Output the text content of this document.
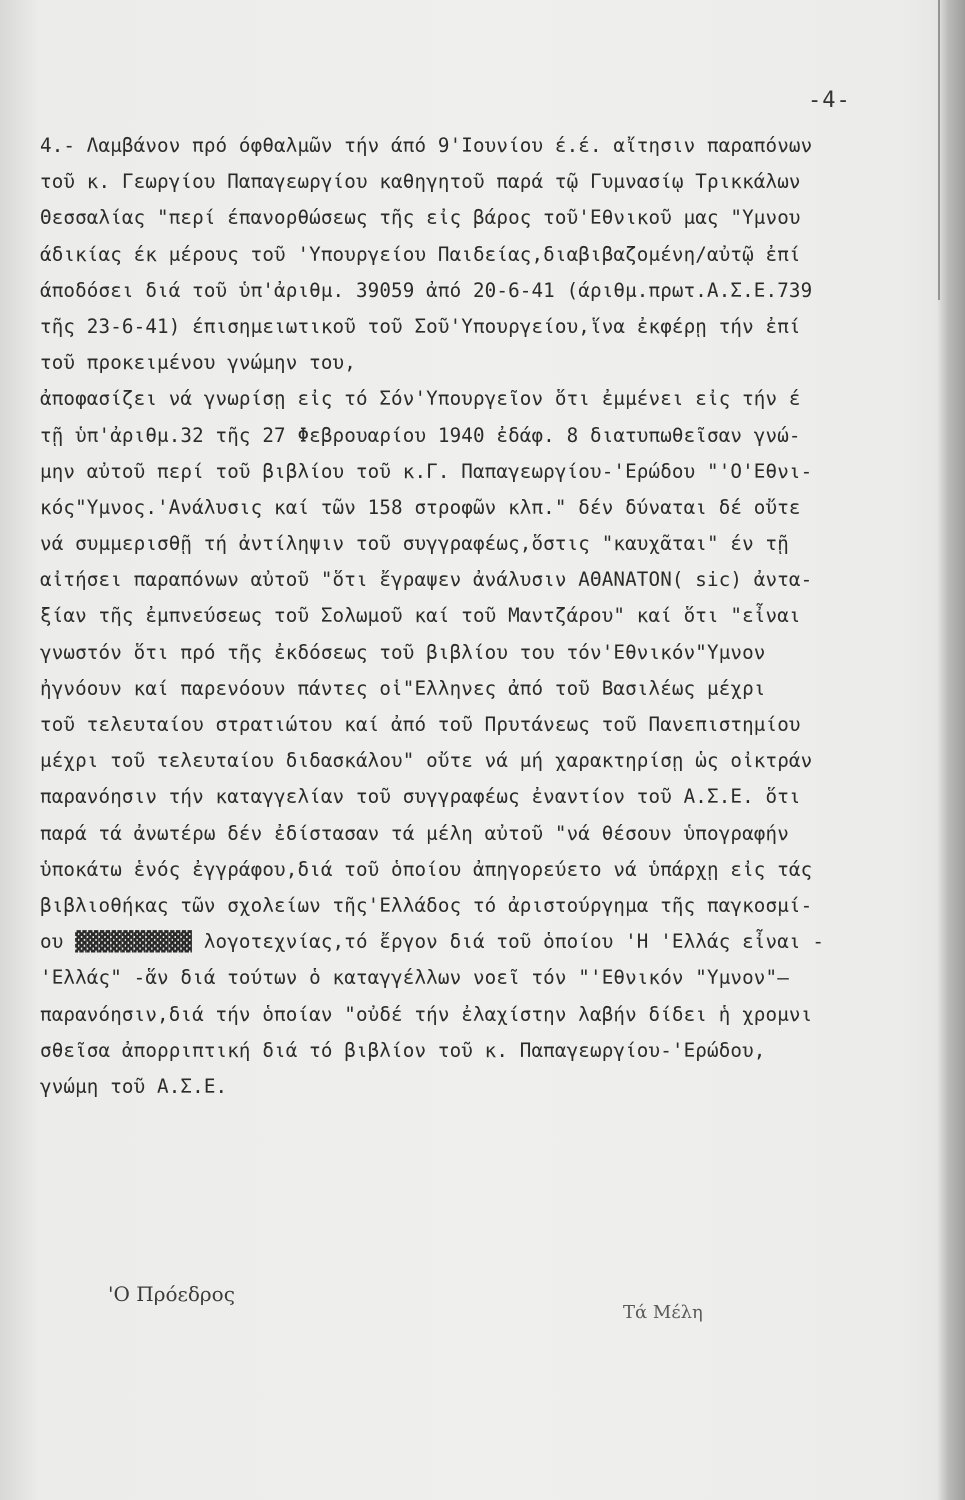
-4-
4.- Λαμβάνον πρό όφθαλμῶν τήν άπό 9'Ιουνίου έ.έ. αἴτησιν παραπόνων
τοῦ κ. Γεωργίου Παπαγεωργίου καθηγητοῦ παρά τῷ Γυμνασίῳ Τρικκάλων
Θεσσαλίας "περί έπανορθώσεως τῆς εἰς βάρος τοῦ'Εθνικοῦ μας "Υμνου
άδικίας έκ μέρους τοῦ 'Υπουργείου Παιδείας,διαβιβαζομένη/αὐτῷ ἐπί
άποδόσει διά τοῦ ὑπ'ἀριθμ. 39059 ἀπό 20-6-41 (άριθμ.πρωτ.Α.Σ.Ε.739
τῆς 23-6-41) έπισημειωτικοῦ τοῦ Σοῦ'Υπουργείου,ἵνα ἐκφέρῃ τήν ἐπί
τοῦ προκειμένου γνώμην του,
ἀποφασίζει νά γνωρίσῃ εἰς τό Σόν'Υπουργεῖον ὅτι ἐμμένει εἰς τήν έ
τῇ ὑπ'ἀριθμ.32 τῆς 27 Φεβρουαρίου 1940 ἐδάφ. 8 διατυπωθεῖσαν γνώ-
μην αὐτοῦ περί τοῦ βιβλίου τοῦ κ.Γ. Παπαγεωργίου-'Ερώδου "'Ο'Εθνι-
κός"Υμνος.'Ανάλυσις καί τῶν 158 στροφῶν κλπ." δέν δύναται δέ οὔτε
νά συμμερισθῇ τή ἀντίληψιν τοῦ συγγραφέως,ὅστις "καυχᾶται" έν τῇ
αἰτήσει παραπόνων αὐτοῦ "ὅτι ἔγραψεν ἀνάλυσιν ΑΘΑΝΑΤΟΝ( sic) ἀντα-
ξίαν τῆς ἐμπνεύσεως τοῦ Σολωμοῦ καί τοῦ Μαντζάρου" καί ὅτι "εἶναι
γνωστόν ὅτι πρό τῆς ἐκδόσεως τοῦ βιβλίου του τόν'Εθνικόν"Υμνον
ἠγνόουν καί παρενόουν πάντες οἱ"Ελληνες ἀπό τοῦ Βασιλέως μέχρι
τοῦ τελευταίου στρατιώτου καί ἀπό τοῦ Πρυτάνεως τοῦ Πανεπιστημίου
μέχρι τοῦ τελευταίου διδασκάλου" οὔτε νά μή χαρακτηρίσῃ ὡς οἰκτράν
παρανόησιν τήν καταγγελίαν τοῦ συγγραφέως ἐναντίον τοῦ Α.Σ.Ε. ὅτι
παρά τά ἀνωτέρω δέν ἐδίστασαν τά μέλη αὐτοῦ "νά θέσουν ὑπογραφήν
ὑποκάτω ἑνός ἐγγράφου,διά τοῦ ὁποίου ἀπηγορεύετο νά ὑπάρχῃ εἰς τάς
βιβλιοθήκας τῶν σχολείων τῆς'Ελλάδος τό ἀριστούργημα τῆς παγκοσμί-
ου ▓▓▓▓▓▓▓▓▓▓ λογοτεχνίας,τό ἔργον διά τοῦ ὁποίου 'Η 'Ελλάς εἶναι -
'Ελλάς" -ἅν διά τούτων ὁ καταγγέλλων νοεῖ τόν "'Εθνικόν "Υμνον"—
παρανόησιν,διά τήν ὁποίαν "οὐδέ τήν ἐλαχίστην λαβήν δίδει ἡ χρομνι
σθεῖσα ἀπορριπτική διά τό βιβλίον τοῦ κ. Παπαγεωργίου-'Ερώδου,
γνώμη τοῦ Α.Σ.Ε.
'Ο Πρόεδρος
Τά Μέλη
